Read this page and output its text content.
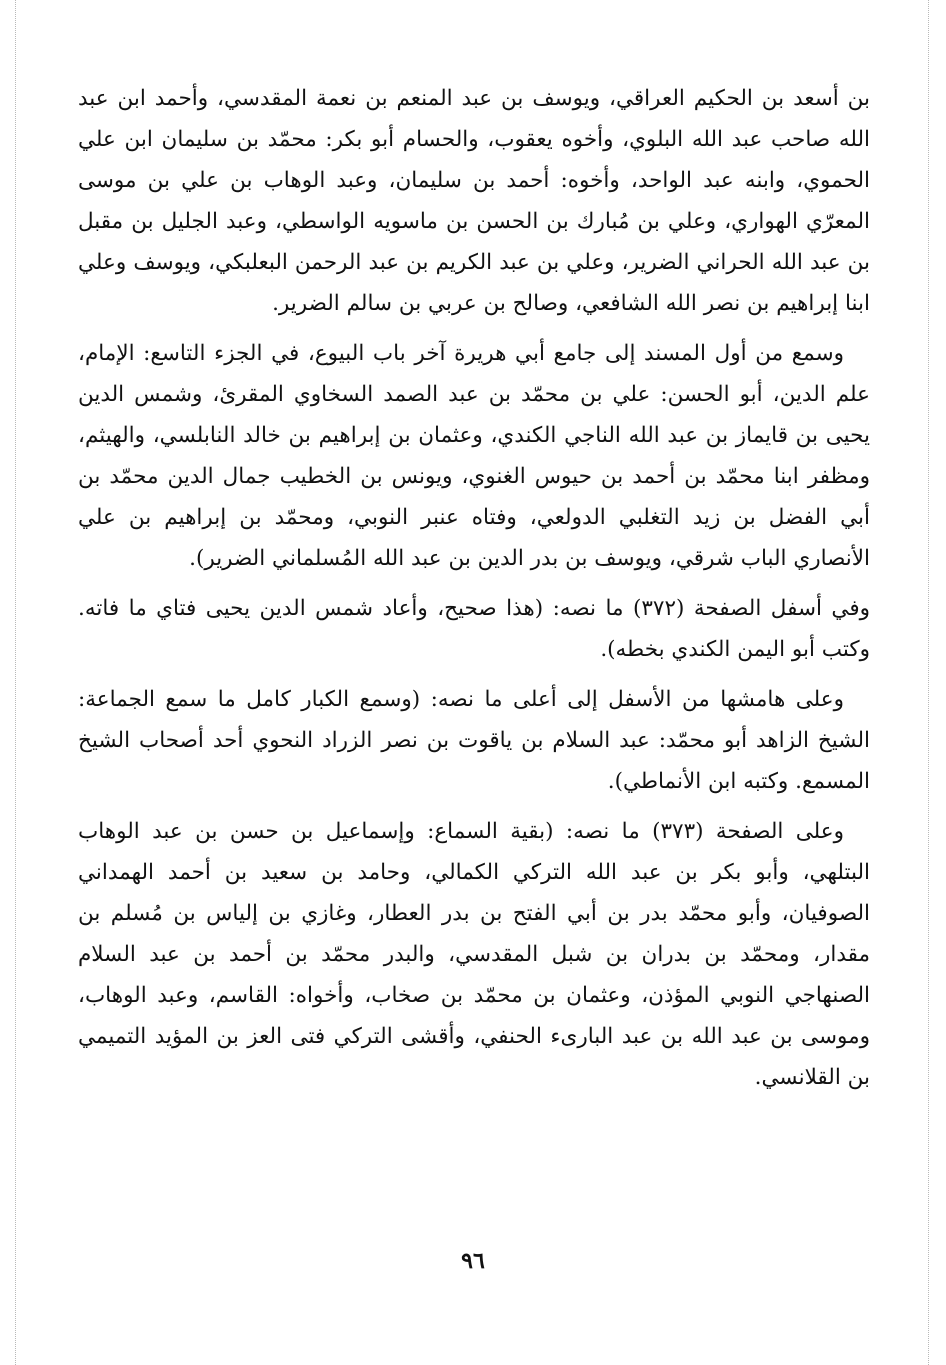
بن أسعد بن الحكيم العراقي، ويوسف بن عبد المنعم بن نعمة المقدسي، وأحمد ابن عبد الله صاحب عبد الله البلوي، وأخوه يعقوب، والحسام أبو بكر: محمّد بن سليمان ابن علي الحموي، وابنه عبد الواحد، وأخوه: أحمد بن سليمان، وعبد الوهاب بن علي بن موسى المعرّي الهواري، وعلي بن مُبارك بن الحسن بن ماسويه الواسطي، وعبد الجليل بن مقبل بن عبد الله الحراني الضرير، وعلي بن عبد الكريم بن عبد الرحمن البعلبكي، ويوسف وعلي ابنا إبراهيم بن نصر الله الشافعي، وصالح بن عربي بن سالم الضرير.

وسمع من أول المسند إلى جامع أبي هريرة آخر باب البيوع، في الجزء التاسع: الإمام، علم الدين، أبو الحسن: علي بن محمّد بن عبد الصمد السخاوي المقرئ، وشمس الدين يحيى بن قايماز بن عبد الله الناجي الكندي، وعثمان بن إبراهيم بن خالد النابلسي، والهيثم، ومظفر ابنا محمّد بن أحمد بن حيوس الغنوي، ويونس بن الخطيب جمال الدين محمّد بن أبي الفضل بن زيد التغلبي الدولعي، وفتاه عنبر النوبي، ومحمّد بن إبراهيم بن علي الأنصاري الباب شرقي، ويوسف بن بدر الدين بن عبد الله المُسلماني الضرير).

وفي أسفل الصفحة (٣٧٢) ما نصه: (هذا صحيح، وأعاد شمس الدين يحيى فتاي ما فاته. وكتب أبو اليمن الكندي بخطه).

وعلى هامشها من الأسفل إلى أعلى ما نصه: (وسمع الكبار كامل ما سمع الجماعة: الشيخ الزاهد أبو محمّد: عبد السلام بن ياقوت بن نصر الزراد النحوي أحد أصحاب الشيخ المسمع. وكتبه ابن الأنماطي).

وعلى الصفحة (٣٧٣) ما نصه: (بقية السماع: وإسماعيل بن حسن بن عبد الوهاب البتلهي، وأبو بكر بن عبد الله التركي الكمالي، وحامد بن سعيد بن أحمد الهمداني الصوفيان، وأبو محمّد بدر بن أبي الفتح بن بدر العطار، وغازي بن إلياس بن مُسلم بن مقدار، ومحمّد بن بدران بن شبل المقدسي، والبدر محمّد بن أحمد بن عبد السلام الصنهاجي النوبي المؤذن، وعثمان بن محمّد بن صخاب، وأخواه: القاسم، وعبد الوهاب، وموسى بن عبد الله بن عبد البارىء الحنفي، وأقشى التركي فتى العز بن المؤيد التميمي بن القلانسي.

٩٦
